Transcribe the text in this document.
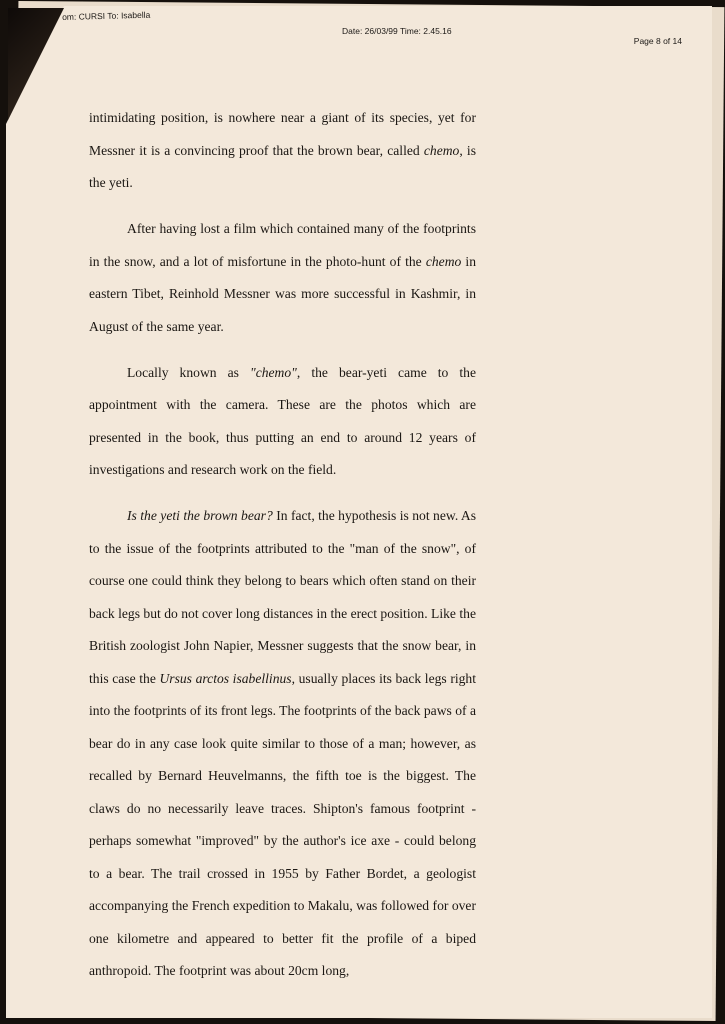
om: CURSI To: Isabella
Date: 26/03/99 Time: 2.45.16
Page 8 of 14

intimidating position, is nowhere near a giant of its species, yet for Messner it is a convincing proof that the brown bear, called chemo, is the yeti.

After having lost a film which contained many of the footprints in the snow, and a lot of misfortune in the photo-hunt of the chemo in eastern Tibet, Reinhold Messner was more successful in Kashmir, in August of the same year.

Locally known as "chemo", the bear-yeti came to the appointment with the camera. These are the photos which are presented in the book, thus putting an end to around 12 years of investigations and research work on the field.

Is the yeti the brown bear? In fact, the hypothesis is not new. As to the issue of the footprints attributed to the "man of the snow", of course one could think they belong to bears which often stand on their back legs but do not cover long distances in the erect position. Like the British zoologist John Napier, Messner suggests that the snow bear, in this case the Ursus arctos isabellinus, usually places its back legs right into the footprints of its front legs. The footprints of the back paws of a bear do in any case look quite similar to those of a man; however, as recalled by Bernard Heuvelmanns, the fifth toe is the biggest. The claws do no necessarily leave traces. Shipton's famous footprint - perhaps somewhat "improved" by the author's ice axe - could belong to a bear. The trail crossed in 1955 by Father Bordet, a geologist accompanying the French expedition to Makalu, was followed for over one kilometre and appeared to better fit the profile of a biped anthropoid. The footprint was about 20cm long,
